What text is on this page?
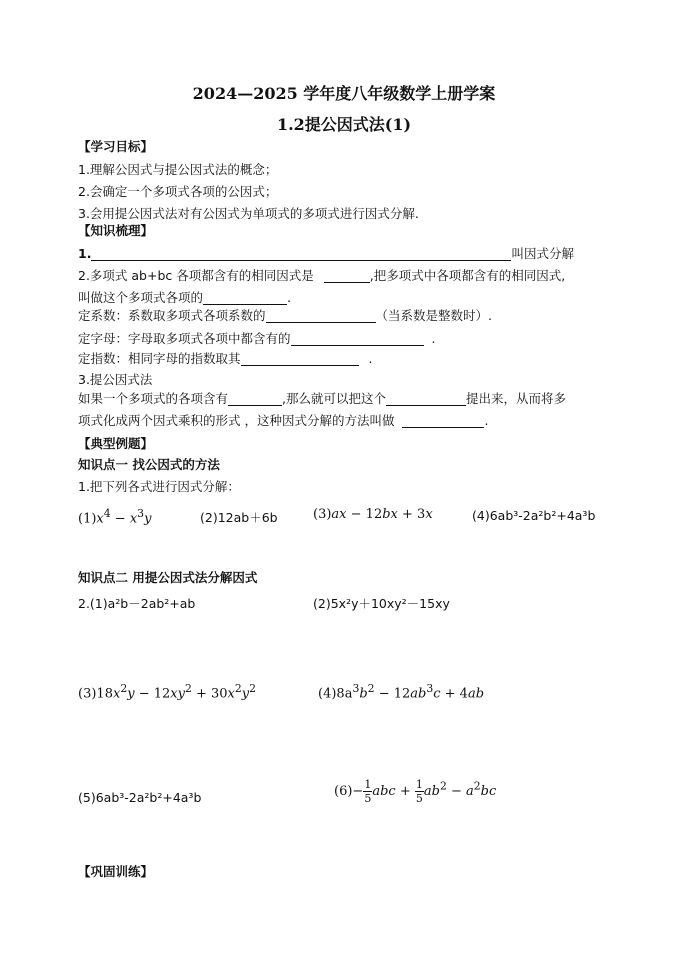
2024—2025 学年度八年级数学上册学案
1.2提公因式法(1)
【学习目标】
1.理解公因式与提公因式法的概念；
2.会确定一个多项式各项的公因式；
3.会用提公因式法对有公因式为单项式的多项式进行因式分解.
【知识梳理】
1.	叫因式分解
2.多项式 ab+bc 各项都含有的相同因式是	,把多项式中各项都含有的相同因式,
叫做这个多项式各项的	.
定系数：系数取多项式各项系数的	（当系数是整数时）.
定字母：字母取多项式各项中都含有的	.
定指数：相同字母的指数取其	.
3.提公因式法
如果一个多项式的各项含有	,那么就可以把这个	提出来，从而将多
项式化成两个因式乘积的形式 ，这种因式分解的方法叫做	.
【典型例题】
知识点一 找公因式的方法
1.把下列各式进行因式分解：
$(1)x^4 - x^3y$	(2)12ab＋6b	(3)ax − 12bx + 3x	(4)6ab³-2a²b²+4a³b
知识点二 用提公因式法分解因式
2.(1)a²b－2ab²+ab	(2)5x²y＋10xy²－15xy
$(3)18x^2y - 12xy^2 + 30x^2y^2$	$(4)8a^3b^2 - 12ab^3c + 4ab$
(5)6ab³-2a²b²+4a³b	$(6)- \frac{1}{5}$ abc + $\frac{1}{5} ab^2 - a^2bc$
【巩固训练】
